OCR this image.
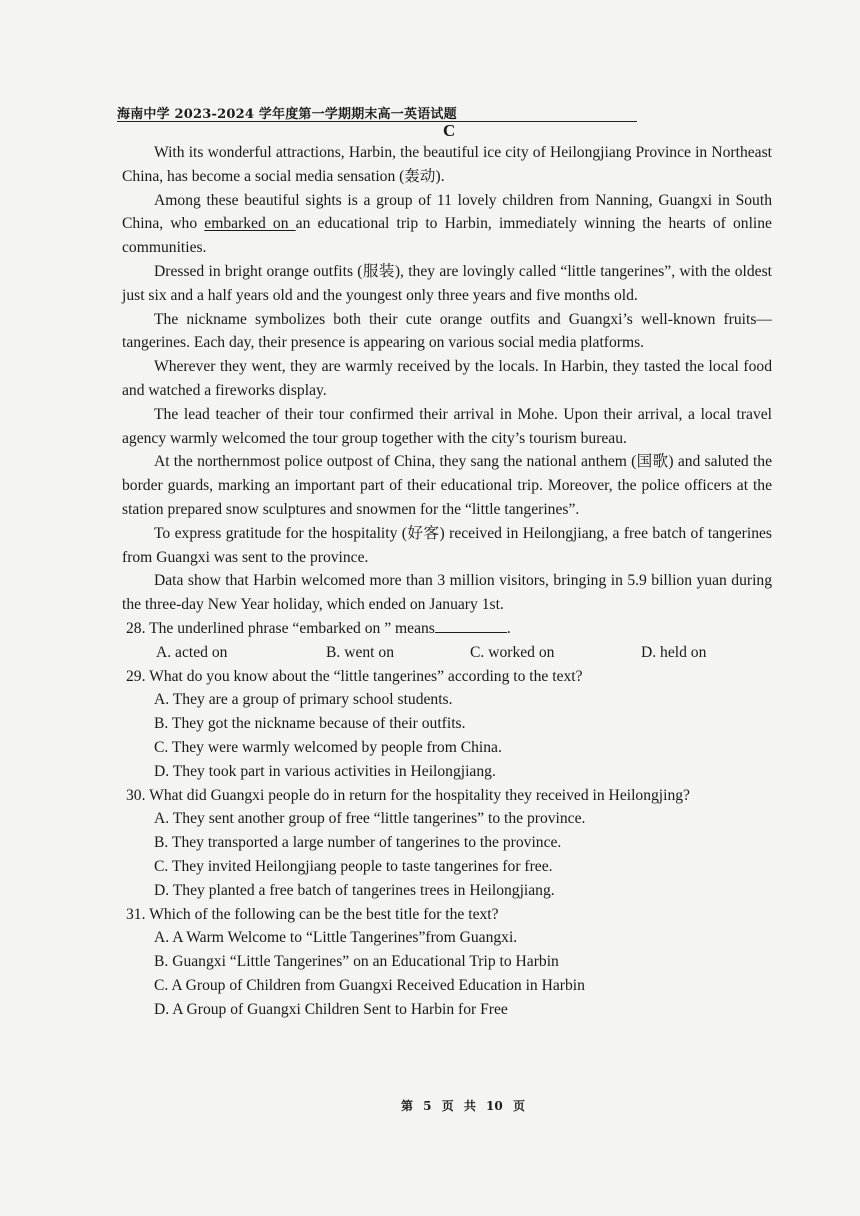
海南中学 2023-2024 学年度第一学期期末高一英语试题
C

With its wonderful attractions, Harbin, the beautiful ice city of Heilongjiang Province in Northeast China, has become a social media sensation (轰动).

Among these beautiful sights is a group of 11 lovely children from Nanning, Guangxi in South China, who embarked on an educational trip to Harbin, immediately winning the hearts of online communities.

Dressed in bright orange outfits (服装), they are lovingly called “little tangerines”, with the oldest just six and a half years old and the youngest only three years and five months old.

The nickname symbolizes both their cute orange outfits and Guangxi’s well-known fruits—tangerines. Each day, their presence is appearing on various social media platforms.

Wherever they went, they are warmly received by the locals. In Harbin, they tasted the local food and watched a fireworks display.

The lead teacher of their tour confirmed their arrival in Mohe. Upon their arrival, a local travel agency warmly welcomed the tour group together with the city’s tourism bureau.

At the northernmost police outpost of China, they sang the national anthem (国歌) and saluted the border guards, marking an important part of their educational trip. Moreover, the police officers at the station prepared snow sculptures and snowmen for the “little tangerines”.

To express gratitude for the hospitality (好客) received in Heilongjiang, a free batch of tangerines from Guangxi was sent to the province.

Data show that Harbin welcomed more than 3 million visitors, bringing in 5.9 billion yuan during the three-day New Year holiday, which ended on January 1st.

28. The underlined phrase “embarked on ” means	.

A. acted on	B. went on	C. worked on	D. held on

29. What do you know about the “little tangerines” according to the text?

A. They are a group of primary school students.

B. They got the nickname because of their outfits.

C. They were warmly welcomed by people from China.

D. They took part in various activities in Heilongjiang.

30. What did Guangxi people do in return for the hospitality they received in Heilongjing?

A. They sent another group of free “little tangerines” to the province.

B. They transported a large number of tangerines to the province.

C. They invited Heilongjiang people to taste tangerines for free.

D. They planted a free batch of tangerines trees in Heilongjiang.

31. Which of the following can be the best title for the text?

A. A Warm Welcome to “Little Tangerines”from Guangxi.

B. Guangxi “Little Tangerines” on an Educational Trip to Harbin

C. A Group of Children from Guangxi Received Education in Harbin

D. A Group of Guangxi Children Sent to Harbin for Free

第 5 页 共 10 页
